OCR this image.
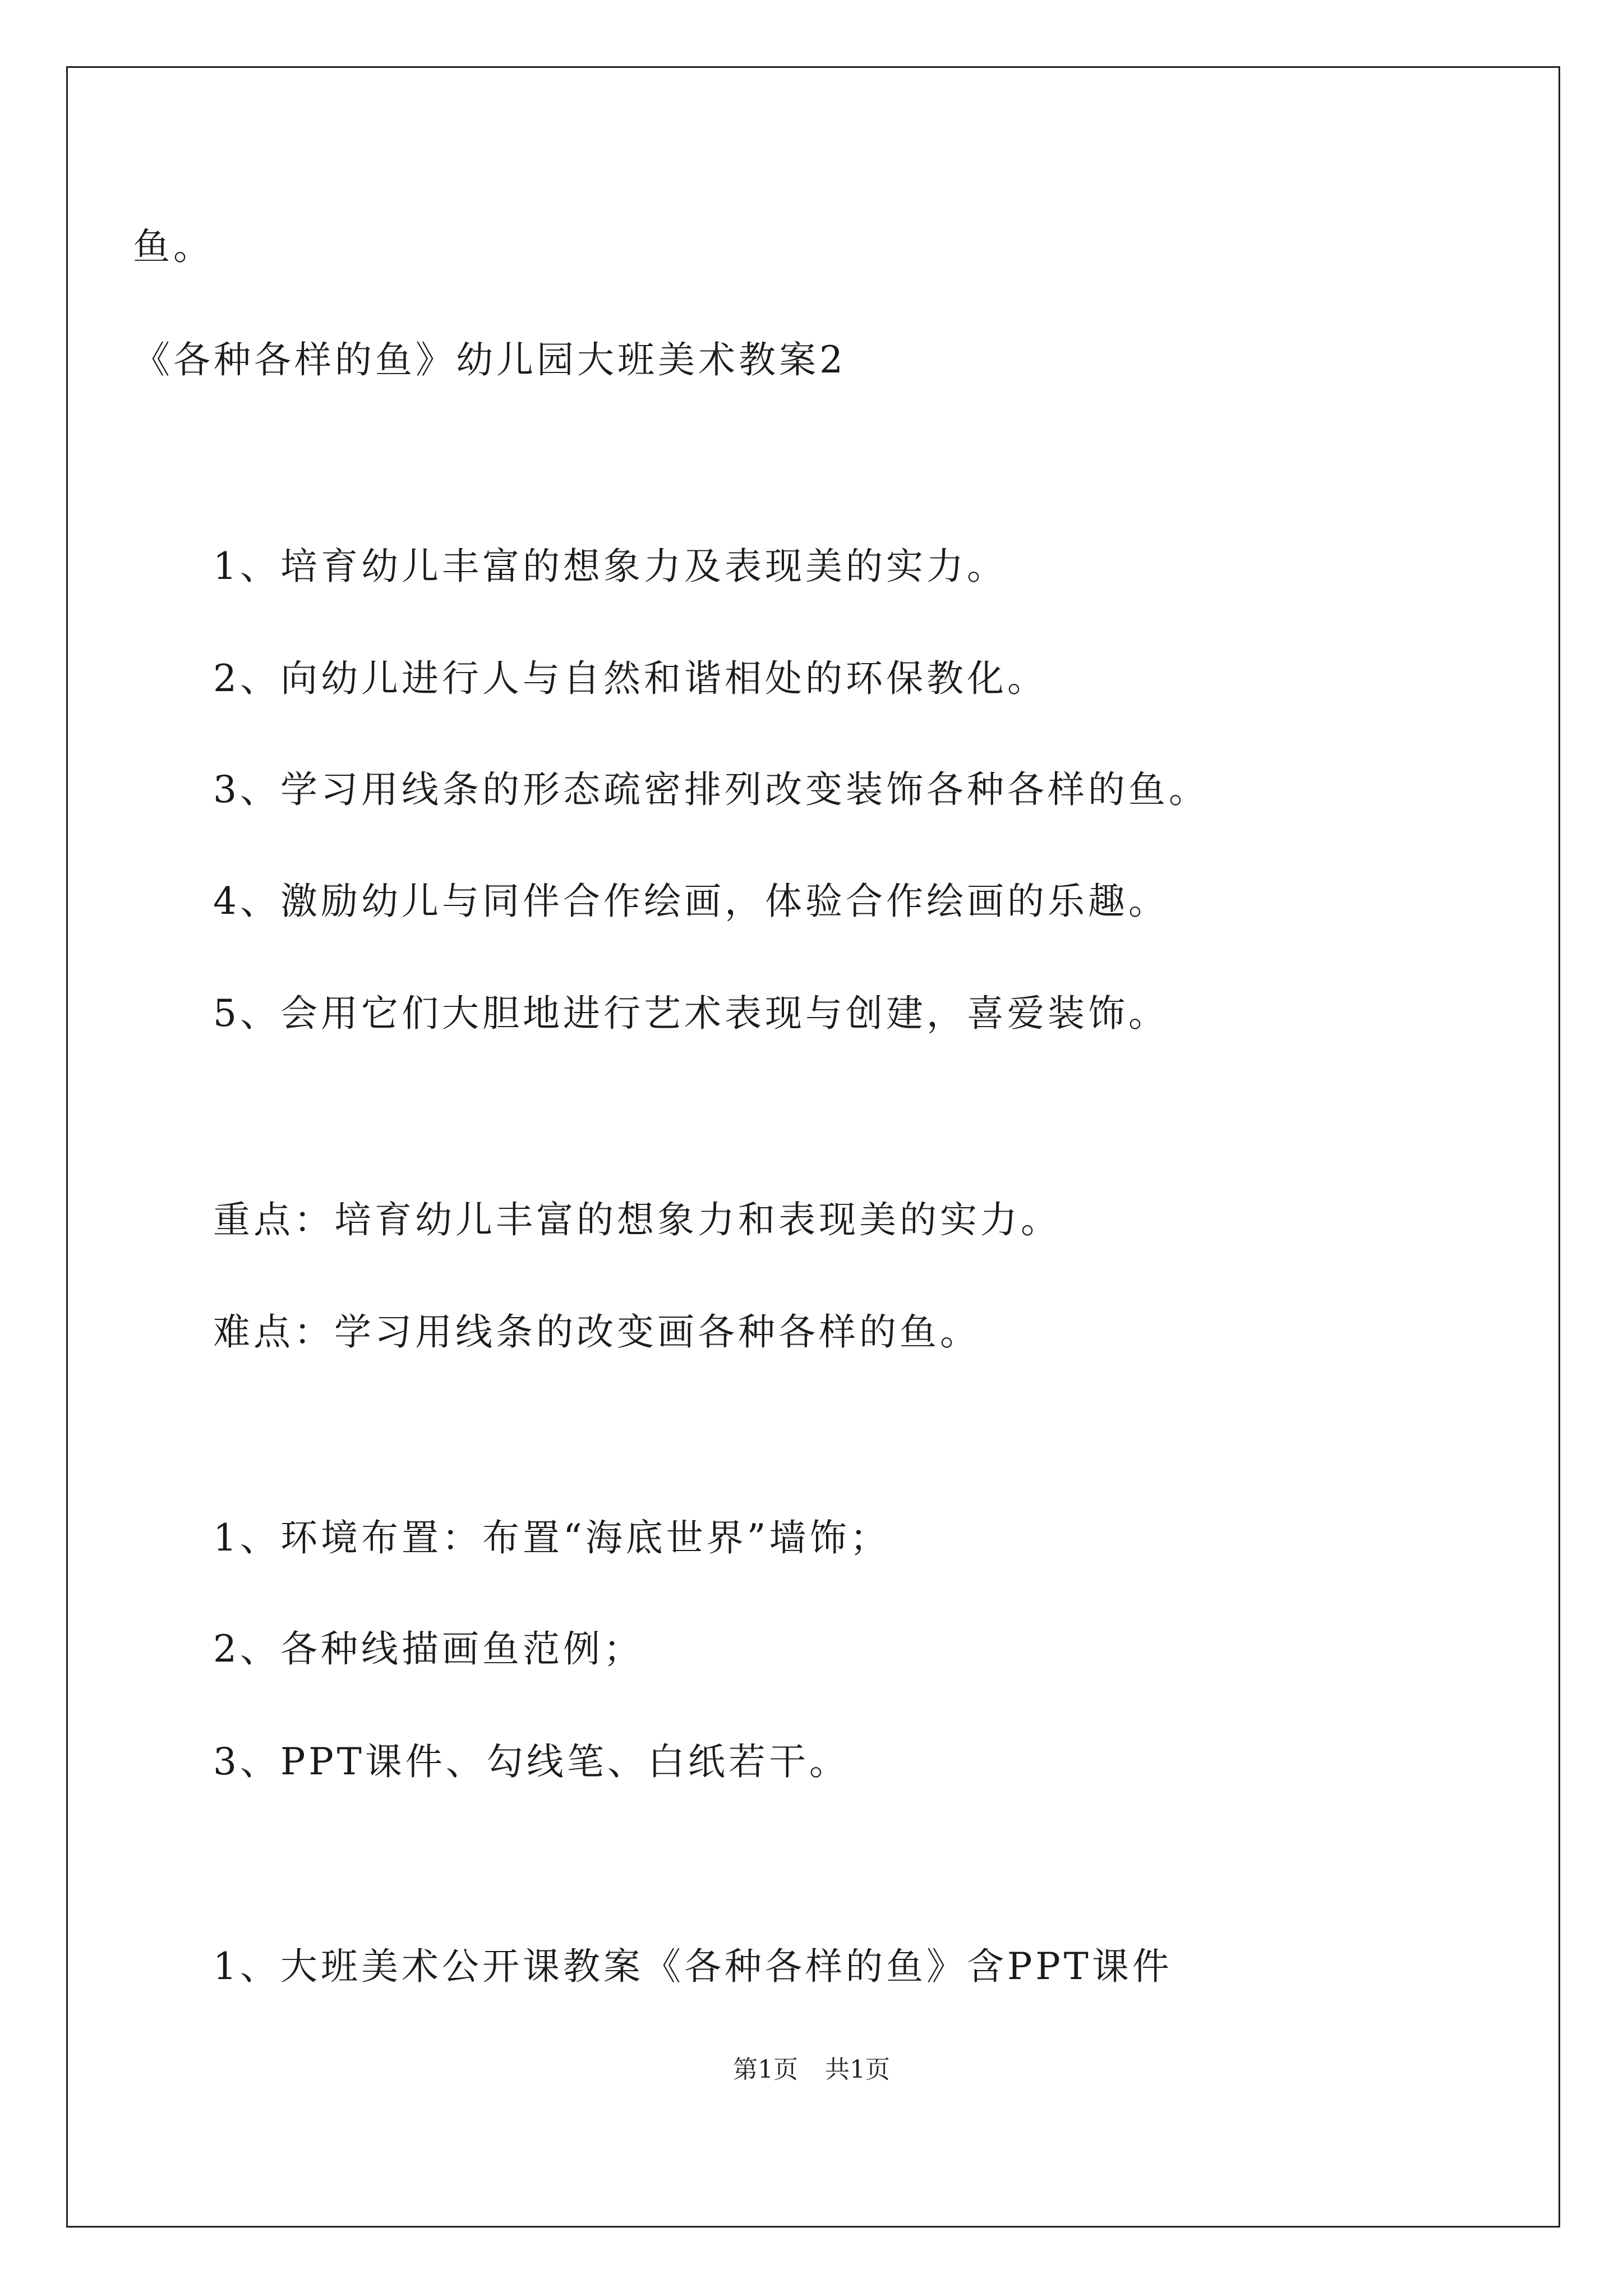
鱼。
《各种各样的鱼》幼儿园大班美术教案2
1、培育幼儿丰富的想象力及表现美的实力。
2、向幼儿进行人与自然和谐相处的环保教化。
3、学习用线条的形态疏密排列改变装饰各种各样的鱼。
4、激励幼儿与同伴合作绘画，体验合作绘画的乐趣。
5、会用它们大胆地进行艺术表现与创建，喜爱装饰。
重点：培育幼儿丰富的想象力和表现美的实力。
难点：学习用线条的改变画各种各样的鱼。
1、环境布置：布置“海底世界”墙饰；
2、各种线描画鱼范例；
3、PPT课件、勾线笔、白纸若干。
1、大班美术公开课教案《各种各样的鱼》含PPT课件
第1页 共1页
